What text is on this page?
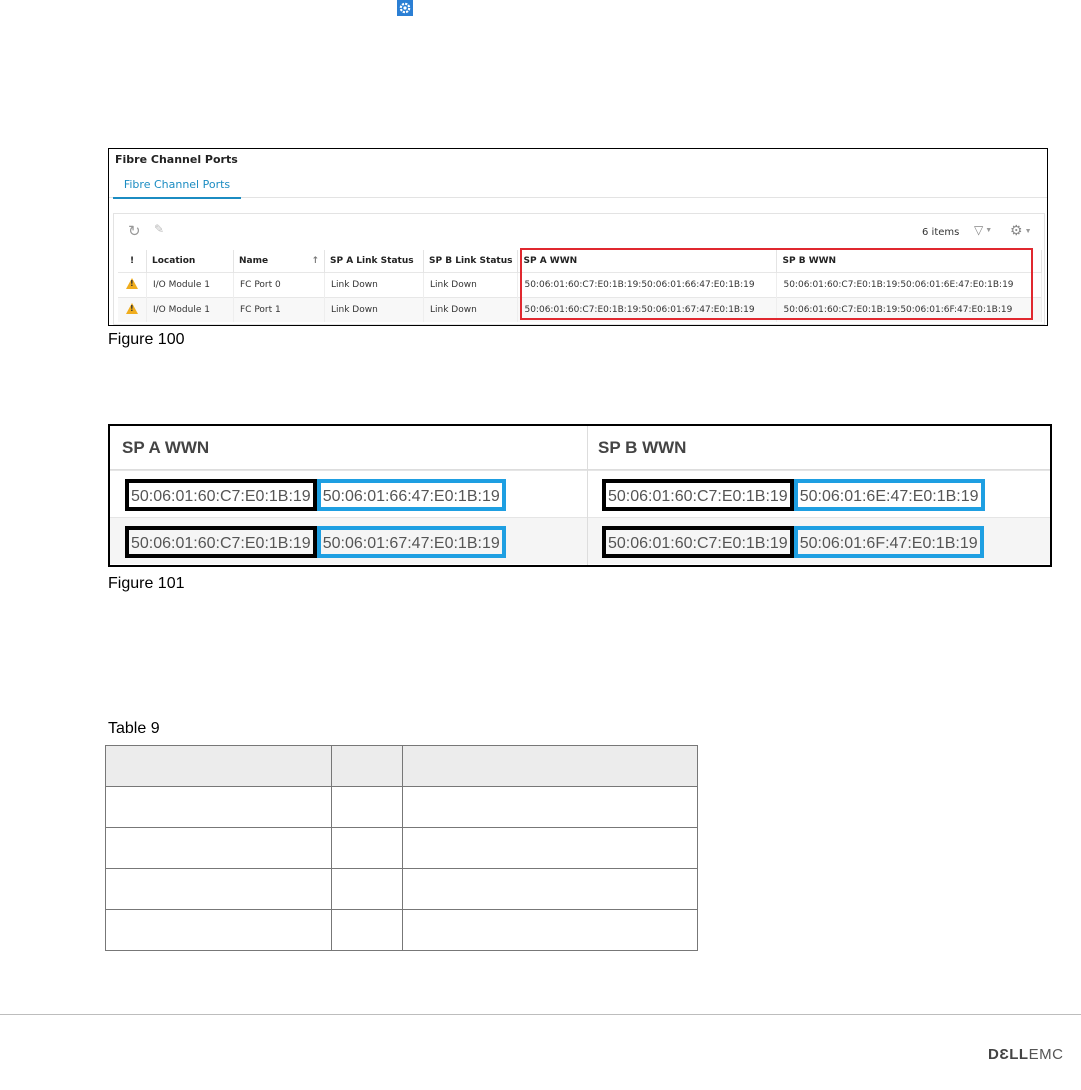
Fibre Channel Ports
Fibre Channel Ports
↻ ✎	6 items ▽ ▼ ⚙ ▼
!	Location	Name ↑	SP A Link Status	SP B Link Status	SP A WWN	SP B WWN
!	I/O Module 1	FC Port 0	Link Down	Link Down	50:06:01:60:C7:E0:1B:19:50:06:01:66:47:E0:1B:19	50:06:01:60:C7:E0:1B:19:50:06:01:6E:47:E0:1B:19
!	I/O Module 1	FC Port 1	Link Down	Link Down	50:06:01:60:C7:E0:1B:19:50:06:01:67:47:E0:1B:19	50:06:01:60:C7:E0:1B:19:50:06:01:6F:47:E0:1B:19
Figure 100
SP A WWN	SP B WWN
50:06:01:60:C7:E0:1B:19 50:06:01:66:47:E0:1B:19	50:06:01:60:C7:E0:1B:19 50:06:01:6E:47:E0:1B:19
50:06:01:60:C7:E0:1B:19 50:06:01:67:47:E0:1B:19	50:06:01:60:C7:E0:1B:19 50:06:01:6F:47:E0:1B:19
Figure 101
Table 9

DƐLLEMC
